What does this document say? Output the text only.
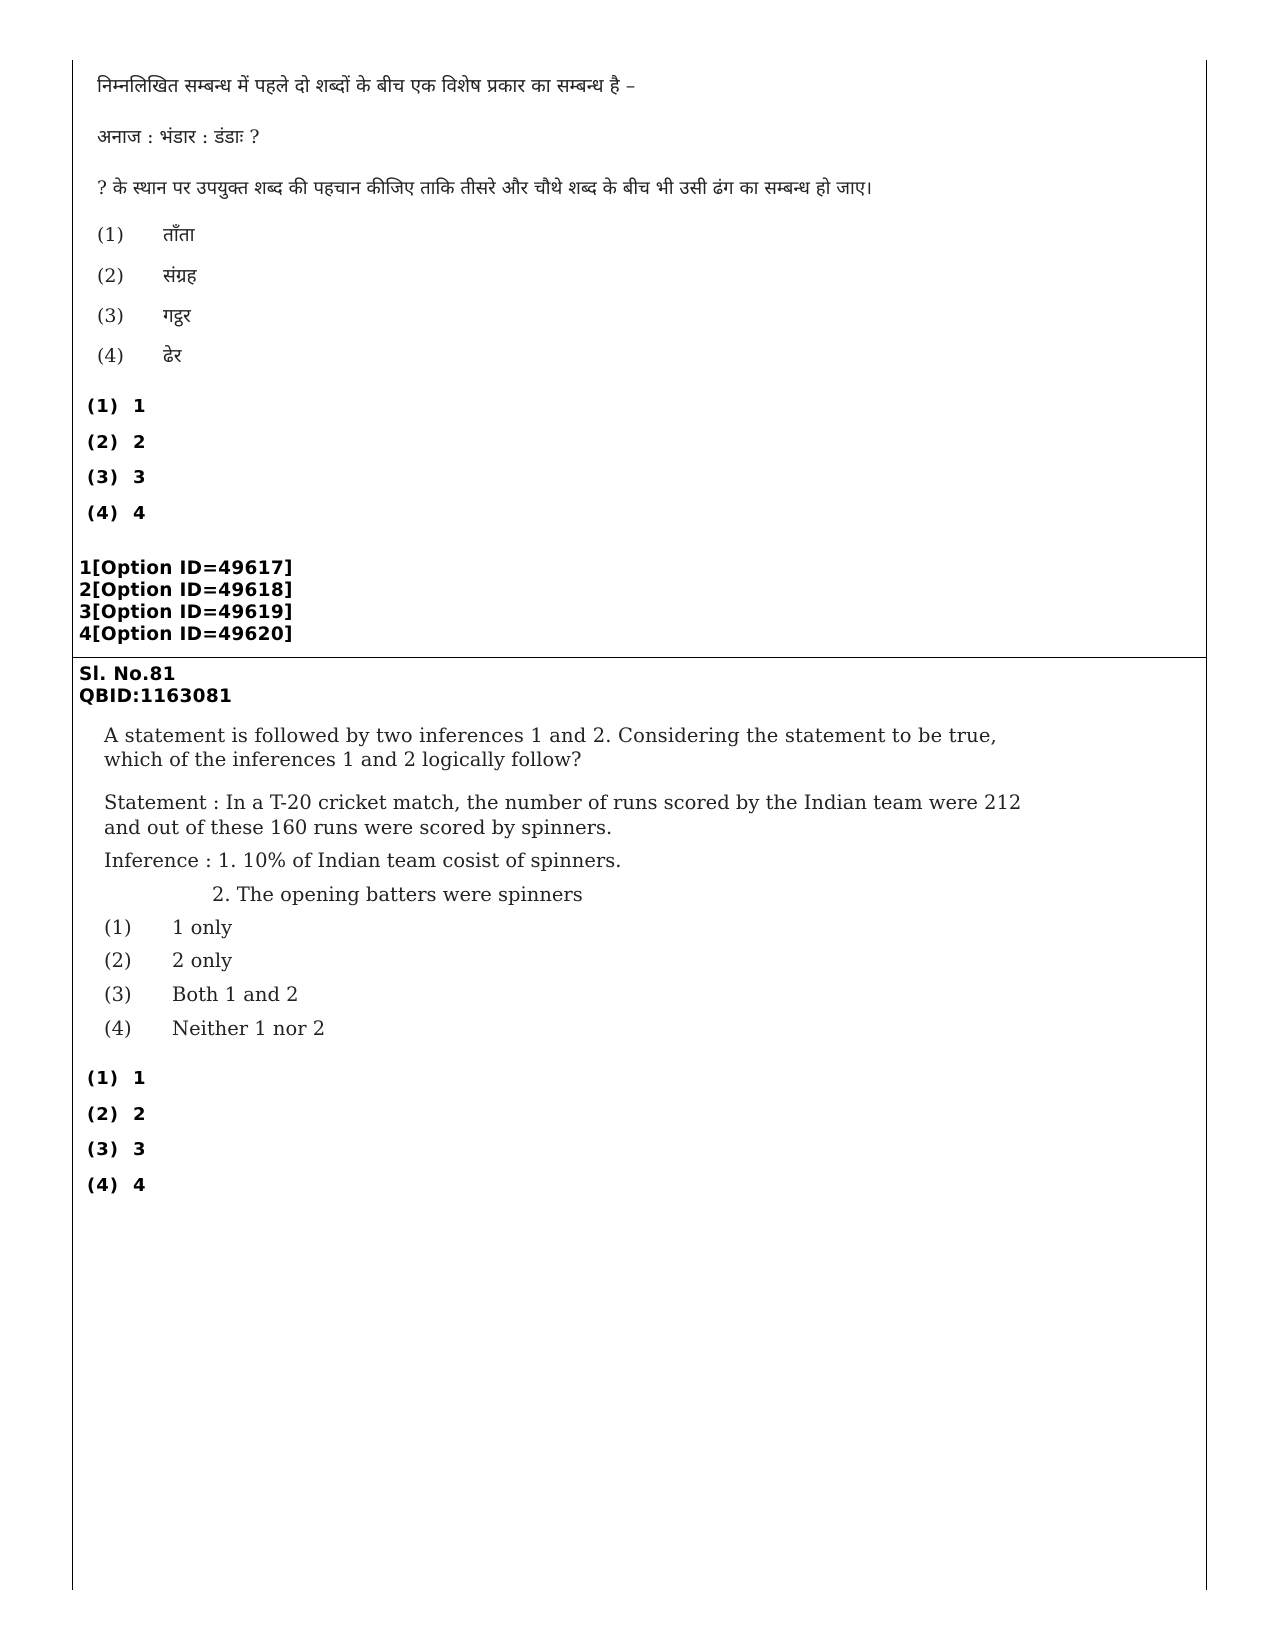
निम्नलिखित सम्बन्ध में पहले दो शब्दों के बीच एक विशेष प्रकार का सम्बन्ध है –
अनाज : भंडार : डंडाः ?
? के स्थान पर उपयुक्त शब्द की पहचान कीजिए ताकि तीसरे और चौथे शब्द के बीच भी उसी ढंग का सम्बन्ध हो जाए।
(1) ताँता
(2) संग्रह
(3) गट्ठर
(4) ढेर
(1) 1
(2) 2
(3) 3
(4) 4
1[Option ID=49617]
2[Option ID=49618]
3[Option ID=49619]
4[Option ID=49620]
Sl. No.81
QBID:1163081
A statement is followed by two inferences 1 and 2. Considering the statement to be true,
which of the inferences 1 and 2 logically follow?
Statement : In a T-20 cricket match, the number of runs scored by the Indian team were 212
and out of these 160 runs were scored by spinners.
Inference : 1. 10% of Indian team cosist of spinners.
2. The opening batters were spinners
(1) 1 only
(2) 2 only
(3) Both 1 and 2
(4) Neither 1 nor 2
(1) 1
(2) 2
(3) 3
(4) 4
